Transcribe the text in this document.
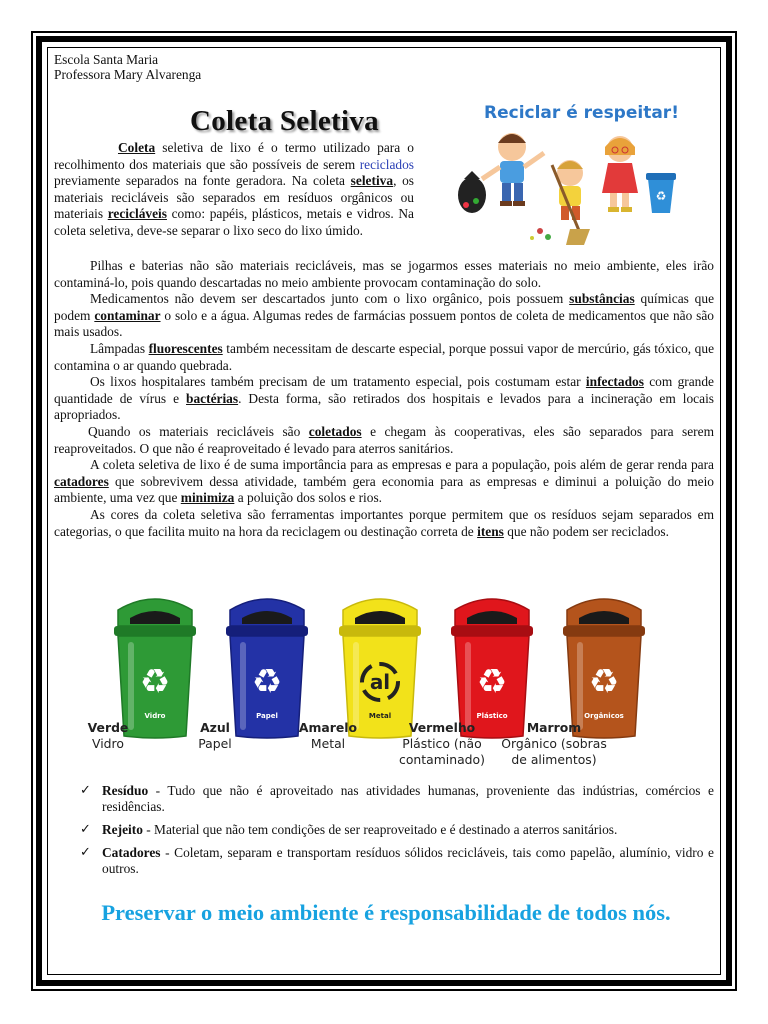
Escola Santa Maria
Professora Mary Alvarenga
Coleta Seletiva
Coleta seletiva de lixo é o termo utilizado para o recolhimento dos materiais que são possíveis de serem reciclados previamente separados na fonte geradora. Na coleta seletiva, os materiais recicláveis são separados em resíduos orgânicos ou materiais recicláveis como: papéis, plásticos, metais e vidros. Na coleta seletiva, deve-se separar o lixo seco do lixo úmido.
Reciclar é respeitar!
♻

Pilhas e baterias não são materiais recicláveis, mas se jogarmos esses materiais no meio ambiente, eles irão contaminá-lo, pois quando descartadas no meio ambiente provocam contaminação do solo.

Medicamentos não devem ser descartados junto com o lixo orgânico, pois possuem substâncias químicas que podem contaminar o solo e a água. Algumas redes de farmácias possuem pontos de coleta de medicamentos que não são mais usados.

Lâmpadas fluorescentes também necessitam de descarte especial, porque possui vapor de mercúrio, gás tóxico, que contamina o ar quando quebrada.

Os lixos hospitalares também precisam de um tratamento especial, pois costumam estar infectados com grande quantidade de vírus e bactérias. Desta forma, são retirados dos hospitais e levados para a incineração em locais apropriados.

Quando os materiais recicláveis são coletados e chegam às cooperativas, eles são separados para serem reaproveitados. O que não é reaproveitado é levado para aterros sanitários.

A coleta seletiva de lixo é de suma importância para as empresas e para a população, pois além de gerar renda para catadores que sobrevivem dessa atividade, também gera economia para as empresas e diminui a poluição do meio ambiente, uma vez que minimiza a poluição dos solos e rios.

As cores da coleta seletiva são ferramentas importantes porque permitem que os resíduos sejam separados em categorias, o que facilita muito na hora da reciclagem ou destinação correta de itens que não podem ser reciclados.

♻
Vidro
♻
Papel
al
Metal
♻
Plástico
♻
Orgânicos
Verde
Vidro
Azul
Papel
Amarelo
Metal
Vermelho
Plástico (não contaminado)
Marrom
Orgânico (sobras de alimentos)
✓ Resíduo - Tudo que não é aproveitado nas atividades humanas, proveniente das indústrias, comércios e residências.
✓ Rejeito - Material que não tem condições de ser reaproveitado e é destinado a aterros sanitários.
✓ Catadores - Coletam, separam e transportam resíduos sólidos recicláveis, tais como papelão, alumínio, vidro e outros.
Preservar o meio ambiente é responsabilidade de todos nós.
